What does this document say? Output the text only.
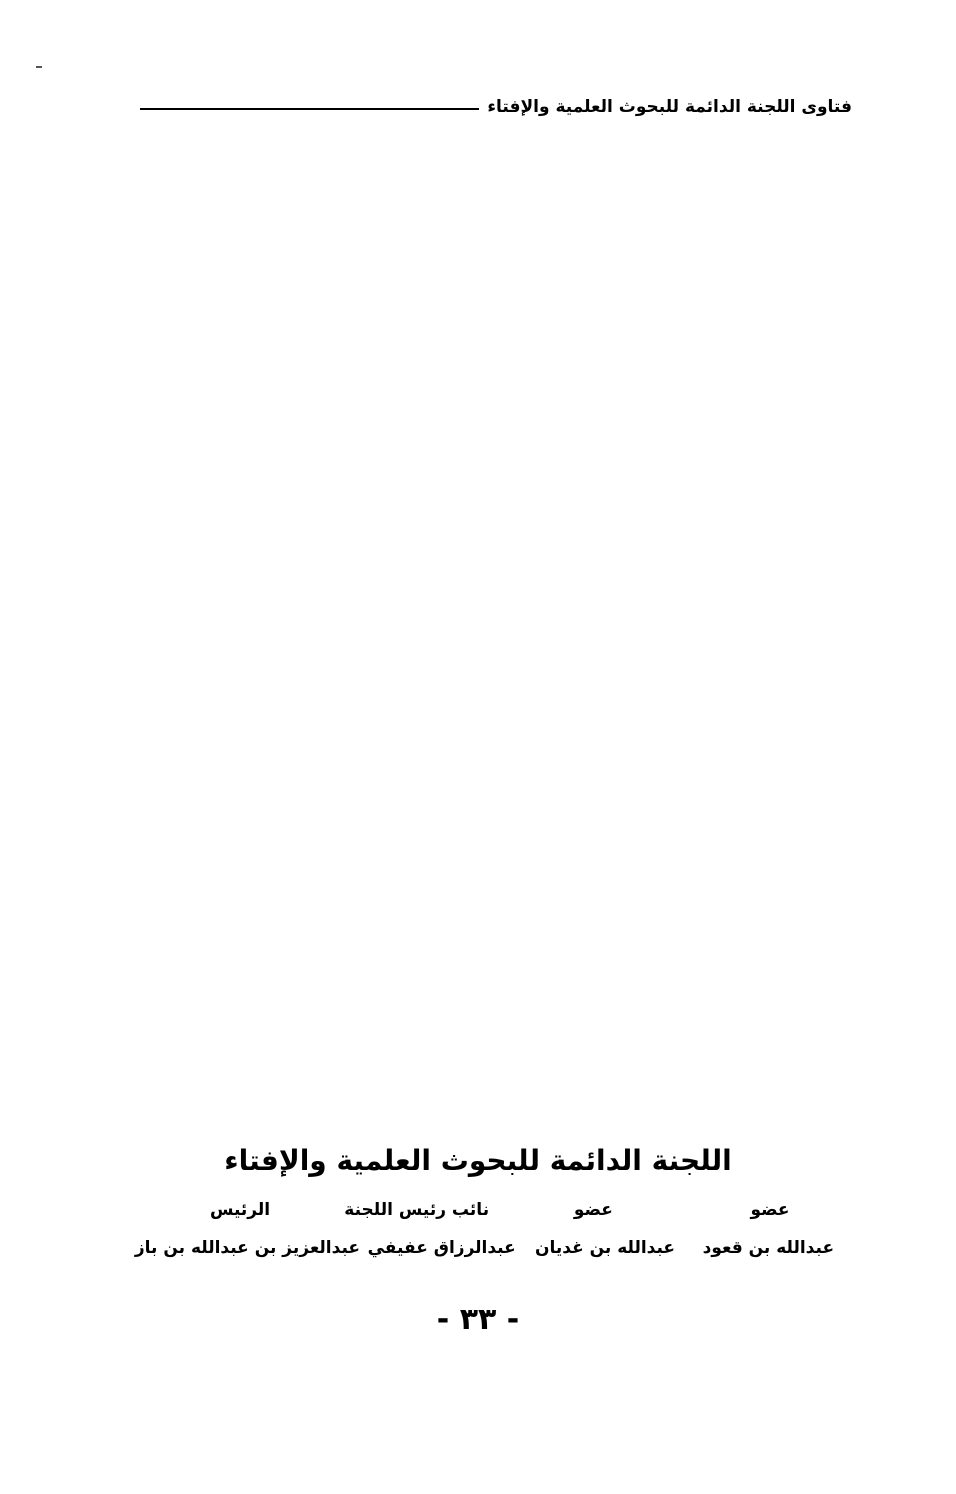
فتاوى اللجنة الدائمة للبحوث العلمية والإفتاء
اللجنة الدائمة للبحوث العلمية والإفتاء
عضو
عضو
نائب رئيس اللجنة
الرئيس
عبدالله بن قعود
عبدالله بن غديان
عبدالرزاق عفيفي
عبدالعزيز بن عبدالله بن باز
- ٣٣ -
